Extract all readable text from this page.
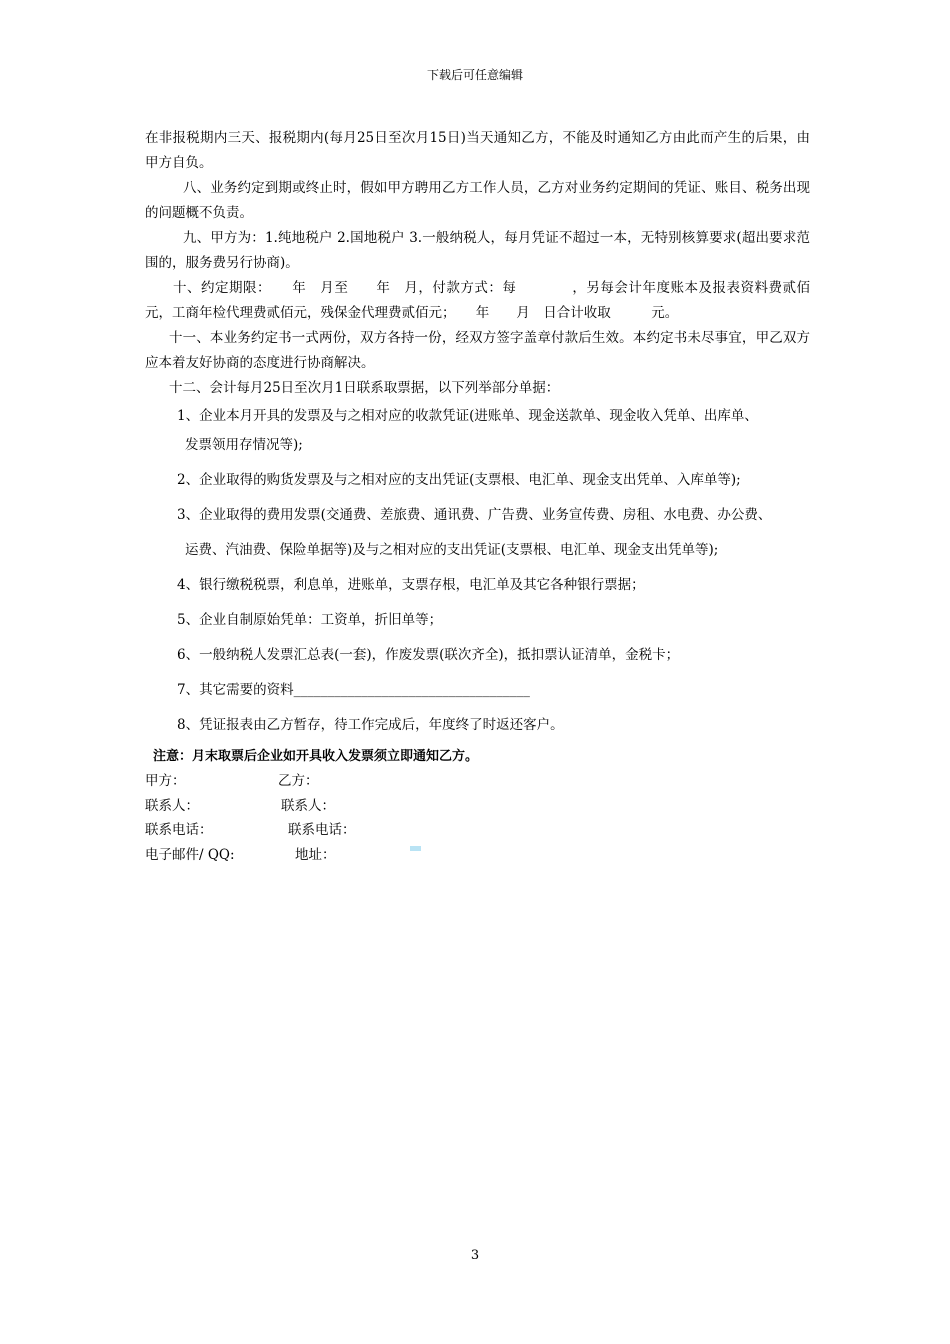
下载后可任意编辑

在非报税期内三天、报税期内(每月25日至次月15日)当天通知乙方，不能及时通知乙方由此而产生的后果，由甲方自负。

八、业务约定到期或终止时，假如甲方聘用乙方工作人员，乙方对业务约定期间的凭证、账目、税务出现的问题概不负责。

九、甲方为：1.纯地税户 2.国地税户 3.一般纳税人，每月凭证不超过一本，无特别核算要求(超出要求范围的，服务费另行协商)。

十、约定期限：　　年　月至　　年　月，付款方式：每　　　　，另每会计年度账本及报表资料费贰佰元，工商年检代理费贰佰元，残保金代理费贰佰元；　　年　　月　日合计收取　　　元。

十一、本业务约定书一式两份，双方各持一份，经双方签字盖章付款后生效。本约定书未尽事宜，甲乙双方应本着友好协商的态度进行协商解决。

十二、会计每月25日至次月1日联系取票据，以下列举部分单据：

1、企业本月开具的发票及与之相对应的收款凭证(进账单、现金送款单、现金收入凭单、出库单、
发票领用存情况等);
2、企业取得的购货发票及与之相对应的支出凭证(支票根、电汇单、现金支出凭单、入库单等);
3、企业取得的费用发票(交通费、差旅费、通讯费、广告费、业务宣传费、房租、水电费、办公费、
运费、汽油费、保险单据等)及与之相对应的支出凭证(支票根、电汇单、现金支出凭单等);
4、银行缴税税票，利息单，进账单，支票存根，电汇单及其它各种银行票据；
5、企业自制原始凭单：工资单，折旧单等；
6、一般纳税人发票汇总表(一套)，作废发票(联次齐全)，抵扣票认证清单，金税卡；
7、其它需要的资料___________________________________
8、凭证报表由乙方暂存，待工作完成后，年度终了时返还客户。
注意：月末取票后企业如开具收入发票须立即通知乙方。
甲方：	乙方：
联系人：	联系人：
联系电话：	联系电话：
电子邮件/ QQ:	地址：
3
